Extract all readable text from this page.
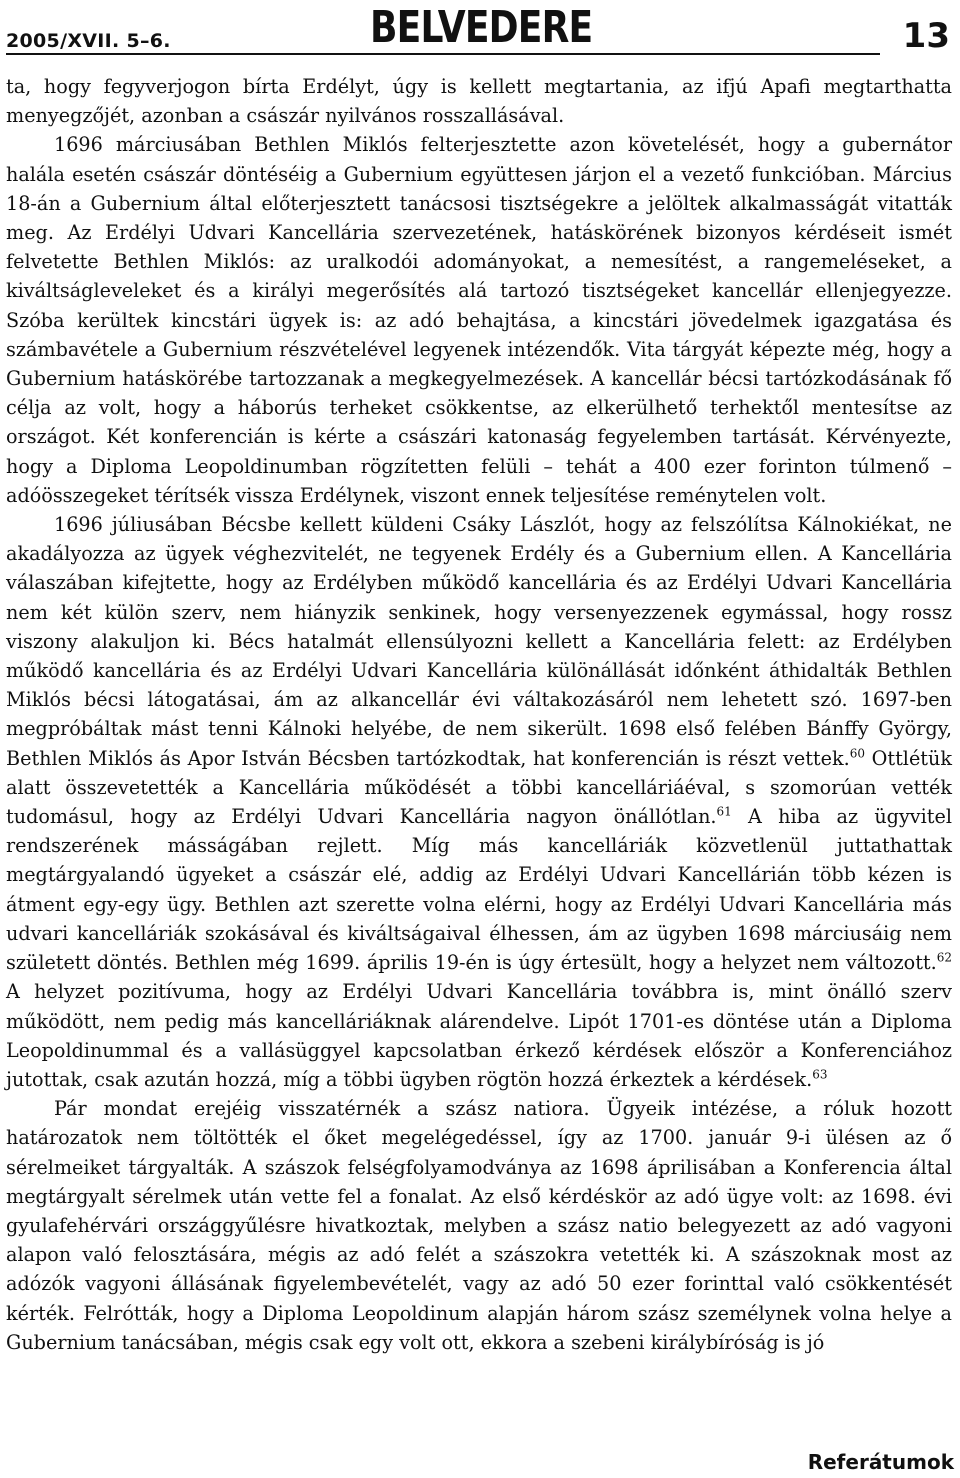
2005/XVII. 5–6.	BELVEDERE	13

ta, hogy fegyverjogon bírta Erdélyt, úgy is kellett megtartania, az ifjú Apafi megtarthatta menyegzőjét, azonban a császár nyilvános rosszallásával.

1696 márciusában Bethlen Miklós felterjesztette azon követelését, hogy a gubernátor halála esetén császár döntéséig a Gubernium együttesen járjon el a vezető funkcióban. Március 18-án a Gubernium által előterjesztett tanácsosi tisztségekre a jelöltek alkalmasságát vitatták meg. Az Erdélyi Udvari Kancellária szervezetének, hatáskörének bizonyos kérdéseit ismét felvetette Bethlen Miklós: az uralkodói adományokat, a nemesítést, a rangemeléseket, a kiváltságleveleket és a királyi megerősítés alá tartozó tisztségeket kancellár ellenjegyezze. Szóba kerültek kincstári ügyek is: az adó behajtása, a kincstári jövedelmek igazgatása és számbavétele a Gubernium részvételével legyenek intézendők. Vita tárgyát képezte még, hogy a Gubernium hatáskörébe tartozzanak a megkegyelmezések. A kancellár bécsi tartózkodásának fő célja az volt, hogy a háborús terheket csökkentse, az elkerülhető terhektől mentesítse az országot. Két konferencián is kérte a császári katonaság fegyelemben tartását. Kérvényezte, hogy a Diploma Leopoldinumban rögzítetten felüli – tehát a 400 ezer forinton túlmenő – adóösszegeket térítsék vissza Erdélynek, viszont ennek teljesítése reménytelen volt.

1696 júliusában Bécsbe kellett küldeni Csáky Lászlót, hogy az felszólítsa Kálnokiékat, ne akadályozza az ügyek véghezvitelét, ne tegyenek Erdély és a Gubernium ellen. A Kancellária válaszában kifejtette, hogy az Erdélyben működő kancellária és az Erdélyi Udvari Kancellária nem két külön szerv, nem hiányzik senkinek, hogy versenyezzenek egymással, hogy rossz viszony alakuljon ki. Bécs hatalmát ellensúlyozni kellett a Kancellária felett: az Erdélyben működő kancellária és az Erdélyi Udvari Kancellária különállását időnként áthidalták Bethlen Miklós bécsi látogatásai, ám az alkancellár évi váltakozásáról nem lehetett szó. 1697-ben megpróbáltak mást tenni Kálnoki helyébe, de nem sikerült. 1698 első felében Bánffy György, Bethlen Miklós ás Apor István Bécsben tartózkodtak, hat konferencián is részt vettek.$^{60}$ Ottlétük alatt összevetették a Kancellária működését a többi kancelláriáéval, s szomorúan vették tudomásul, hogy az Erdélyi Udvari Kancellária nagyon önállótlan.$^{61}$ A hiba az ügyvitel rendszerének másságában rejlett. Míg más kancelláriák közvetlenül juttathattak megtárgyalandó ügyeket a császár elé, addig az Erdélyi Udvari Kancellárián több kézen is átment egy-egy ügy. Bethlen azt szerette volna elérni, hogy az Erdélyi Udvari Kancellária más udvari kancelláriák szokásával és kiváltságaival élhessen, ám az ügyben 1698 márciusáig nem született döntés. Bethlen még 1699. április 19-én is úgy értesült, hogy a helyzet nem változott.$^{62}$ A helyzet pozitívuma, hogy az Erdélyi Udvari Kancellária továbbra is, mint önálló szerv működött, nem pedig más kancelláriáknak alárendelve. Lipót 1701-es döntése után a Diploma Leopoldinummal és a vallásüggyel kapcsolatban érkező kérdések először a Konferenciához jutottak, csak azután hozzá, míg a többi ügyben rögtön hozzá érkeztek a kérdések.$^{63}$

Pár mondat erejéig visszatérnék a szász natiora. Ügyeik intézése, a róluk hozott határozatok nem töltötték el őket megelégedéssel, így az 1700. január 9-i ülésen az ő sérelmeiket tárgyalták. A szászok felségfolyamodványa az 1698 áprilisában a Konferencia által megtárgyalt sérelmek után vette fel a fonalat. Az első kérdéskör az adó ügye volt: az 1698. évi gyulafehérvári országgyűlésre hivatkoztak, melyben a szász natio belegyezett az adó vagyoni alapon való felosztására, mégis az adó felét a szászokra vetették ki. A szászoknak most az adózók vagyoni állásának figyelembevételét, vagy az adó 50 ezer forinttal való csökkentését kérték. Felrótták, hogy a Diploma Leopoldinum alapján három szász személynek volna helye a Gubernium tanácsában, mégis csak egy volt ott, ekkora a szebeni királybíróság is jó

Referátumok
